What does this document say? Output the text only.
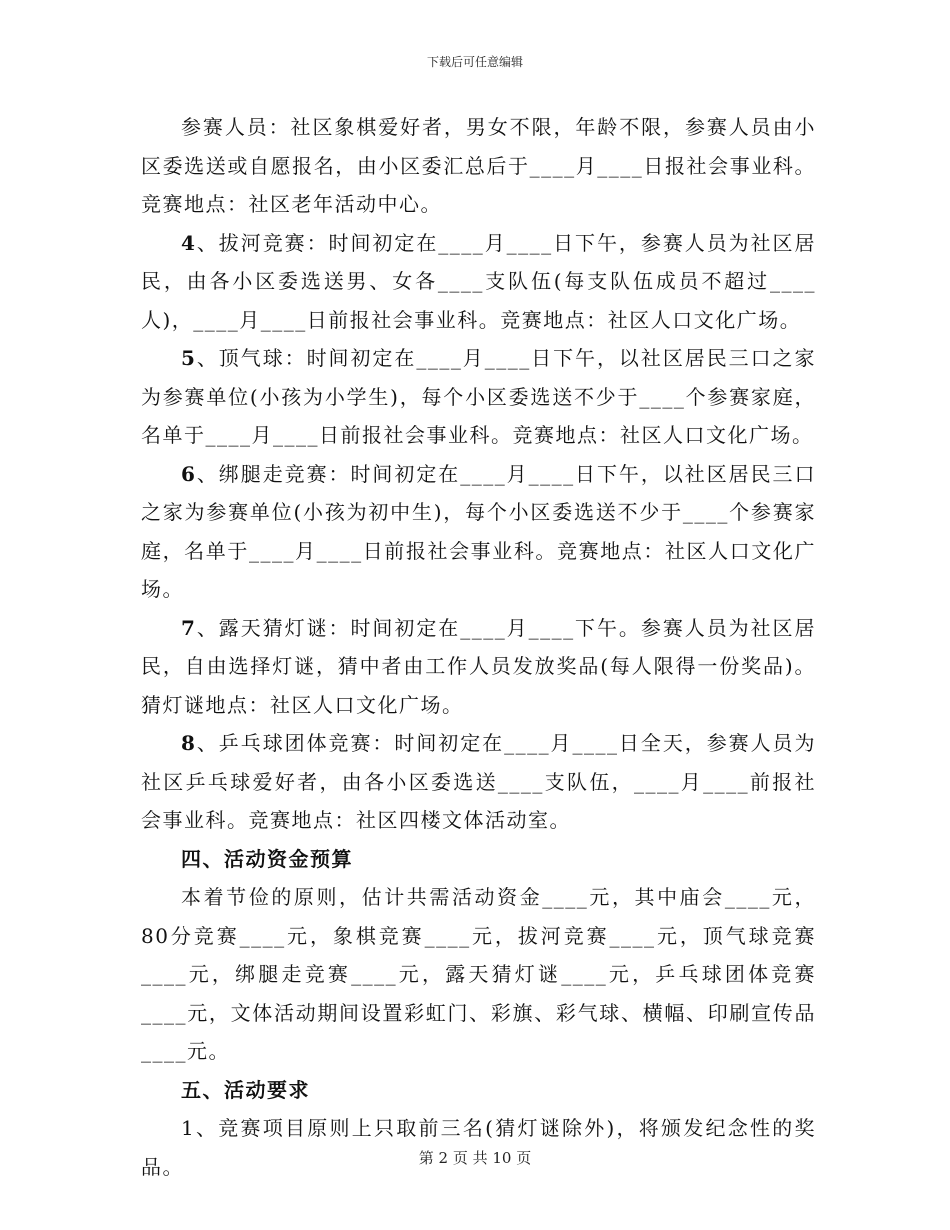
下载后可任意编辑

参赛人员：社区象棋爱好者，男女不限，年龄不限，参赛人员由小区委选送或自愿报名，由小区委汇总后于____月____日报社会事业科。竞赛地点：社区老年活动中心。

4、拔河竞赛：时间初定在____月____日下午，参赛人员为社区居民，由各小区委选送男、女各____支队伍(每支队伍成员不超过____人)，____月____日前报社会事业科。竞赛地点：社区人口文化广场。

5、顶气球：时间初定在____月____日下午，以社区居民三口之家为参赛单位(小孩为小学生)，每个小区委选送不少于____个参赛家庭，名单于____月____日前报社会事业科。竞赛地点：社区人口文化广场。

6、绑腿走竞赛：时间初定在____月____日下午，以社区居民三口之家为参赛单位(小孩为初中生)，每个小区委选送不少于____个参赛家庭，名单于____月____日前报社会事业科。竞赛地点：社区人口文化广场。

7、露天猜灯谜：时间初定在____月____下午。参赛人员为社区居民，自由选择灯谜，猜中者由工作人员发放奖品(每人限得一份奖品)。猜灯谜地点：社区人口文化广场。

8、乒乓球团体竞赛：时间初定在____月____日全天，参赛人员为社区乒乓球爱好者，由各小区委选送____支队伍，____月____前报社会事业科。竞赛地点：社区四楼文体活动室。

四、活动资金预算

本着节俭的原则，估计共需活动资金____元，其中庙会____元，80分竞赛____元，象棋竞赛____元，拔河竞赛____元，顶气球竞赛____元，绑腿走竞赛____元，露天猜灯谜____元，乒乓球团体竞赛____元，文体活动期间设置彩虹门、彩旗、彩气球、横幅、印刷宣传品____元。

五、活动要求

1、竞赛项目原则上只取前三名(猜灯谜除外)，将颁发纪念性的奖品。	第 2 页 共 10 页
